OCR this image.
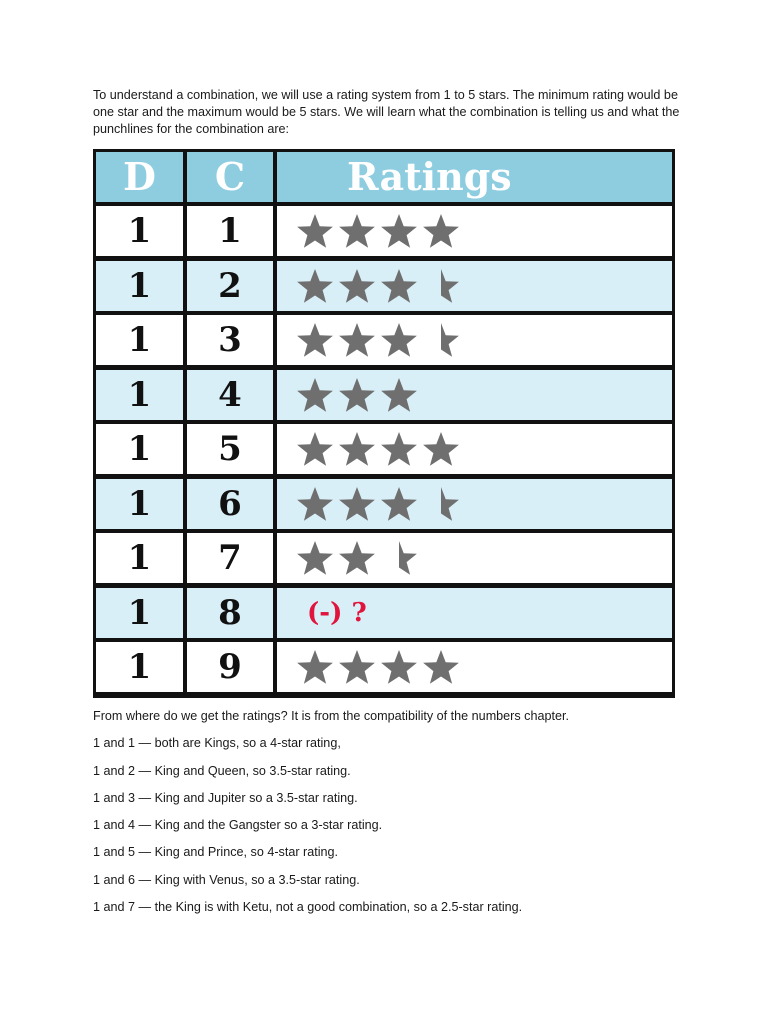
To understand a combination, we will use a rating system from 1 to 5 stars. The minimum rating would be one star and the maximum would be 5 stars. We will learn what the combination is telling us and what the punchlines for the combination are:

D	C	Ratings
1	1
1	2
1	3
1	4
1	5
1	6
1	7
1	8	(-) ?
1	9

From where do we get the ratings? It is from the compatibility of the numbers chapter.

1 and 1 — both are Kings, so a 4-star rating,

1 and 2 — King and Queen, so 3.5-star rating.

1 and 3 — King and Jupiter so a 3.5-star rating.

1 and 4 — King and the Gangster so a 3-star rating.

1 and 5 — King and Prince, so 4-star rating.

1 and 6 — King with Venus, so a 3.5-star rating.

1 and 7 — the King is with Ketu, not a good combination, so a 2.5-star rating.
